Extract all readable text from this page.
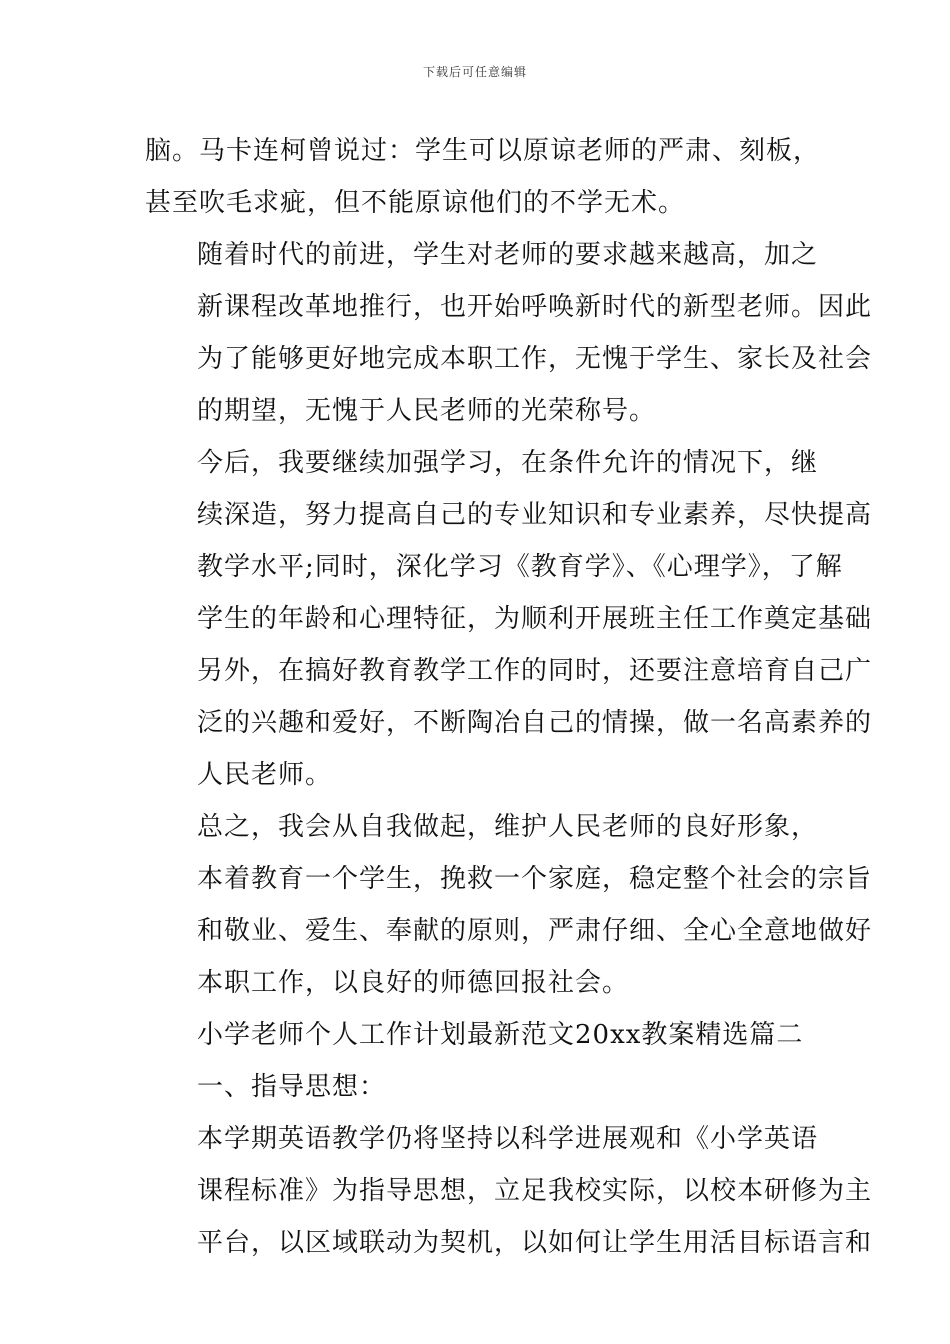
下载后可任意编辑
脑。马卡连柯曾说过：学生可以原谅老师的严肃、刻板，
甚至吹毛求疵，但不能原谅他们的不学无术。
随着时代的前进，学生对老师的要求越来越高，加之
新课程改革地推行，也开始呼唤新时代的新型老师。因此
为了能够更好地完成本职工作，无愧于学生、家长及社会
的期望，无愧于人民老师的光荣称号。
今后，我要继续加强学习，在条件允许的情况下，继
续深造，努力提高自己的专业知识和专业素养，尽快提高
教学水平;同时，深化学习《教育学》、《心理学》，了解
学生的年龄和心理特征，为顺利开展班主任工作奠定基础
另外，在搞好教育教学工作的同时，还要注意培育自己广
泛的兴趣和爱好，不断陶冶自己的情操，做一名高素养的
人民老师。
总之，我会从自我做起，维护人民老师的良好形象，
本着教育一个学生，挽救一个家庭，稳定整个社会的宗旨
和敬业、爱生、奉献的原则，严肃仔细、全心全意地做好
本职工作，以良好的师德回报社会。
小学老师个人工作计划最新范文20xx教案精选篇二
一、指导思想：
本学期英语教学仍将坚持以科学进展观和《小学英语
课程标准》为指导思想，立足我校实际，以校本研修为主
平台，以区域联动为契机，以如何让学生用活目标语言和
